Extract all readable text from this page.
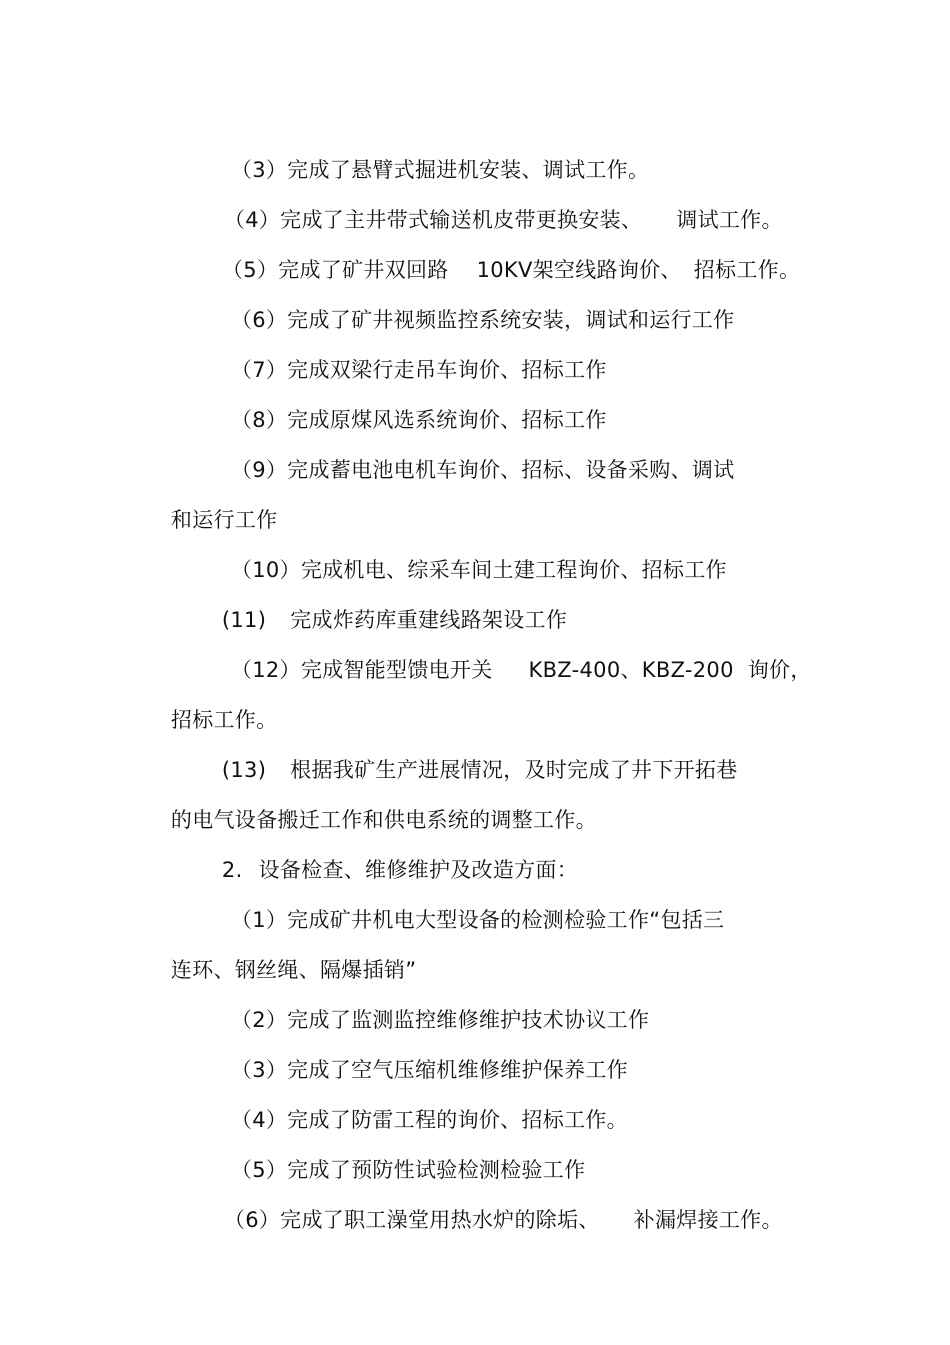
（3）完成了悬臂式掘进机安装、调试工作。

（4）完成了主井带式输送机皮带更换安装、 调试工作。

（5）完成了矿井双回路 10KV架空线路询价、 招标工作。

（6）完成了矿井视频监控系统安装，调试和运行工作

（7）完成双梁行走吊车询价、招标工作

（8）完成原煤风选系统询价、招标工作

（9）完成蓄电池电机车询价、招标、设备采购、调试

和运行工作

（10）完成机电、综采车间土建工程询价、招标工作

(11) 完成炸药库重建线路架设工作

（12）完成智能型馈电开关 KBZ-400、KBZ-200 询价，

招标工作。

(13) 根据我矿生产进展情况，及时完成了井下开拓巷

的电气设备搬迁工作和供电系统的调整工作。

2. 设备检查、维修维护及改造方面：

（1）完成矿井机电大型设备的检测检验工作“包括三

连环、钢丝绳、隔爆插销”

（2）完成了监测监控维修维护技术协议工作

（3）完成了空气压缩机维修维护保养工作

（4）完成了防雷工程的询价、招标工作。

（5）完成了预防性试验检测检验工作

（6）完成了职工澡堂用热水炉的除垢、 补漏焊接工作。
